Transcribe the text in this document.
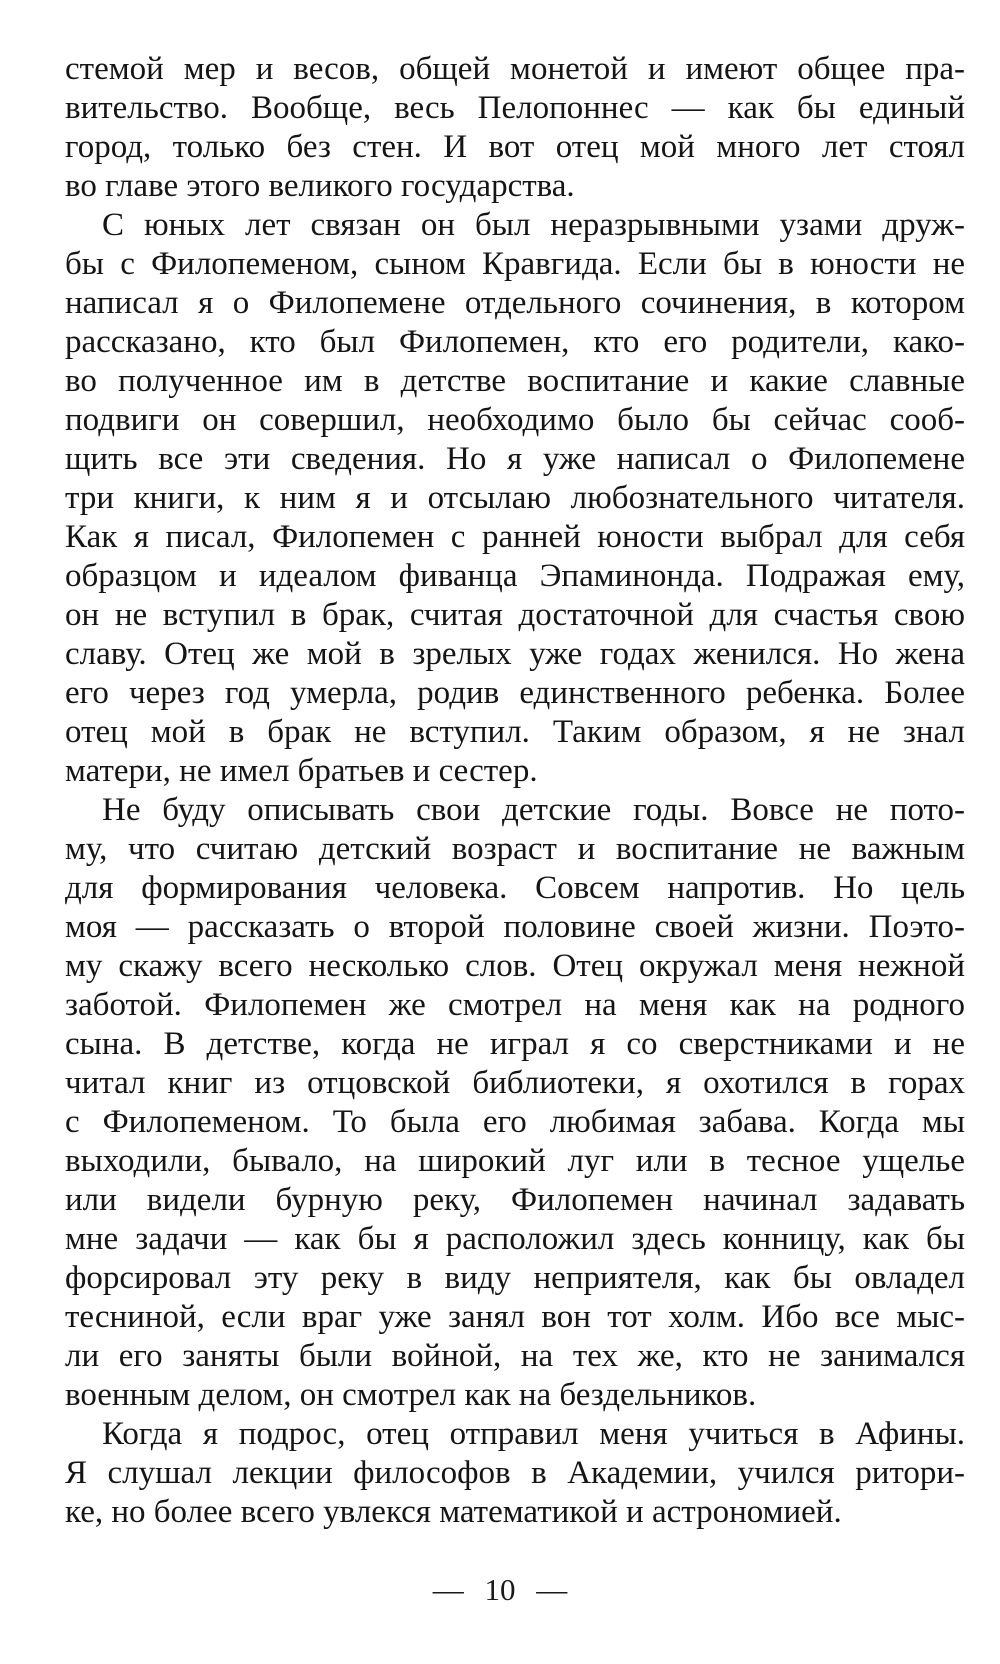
стемой мер и весов, общей монетой и имеют общее пра-
вительство. Вообще, весь Пелопоннес — как бы единый
город, только без стен. И вот отец мой много лет стоял
во главе этого великого государства.
С юных лет связан он был неразрывными узами друж-
бы с Филопеменом, сыном Кравгида. Если бы в юности не
написал я о Филопемене отдельного сочинения, в котором
рассказано, кто был Филопемен, кто его родители, како-
во полученное им в детстве воспитание и какие славные
подвиги он совершил, необходимо было бы сейчас сооб-
щить все эти сведения. Но я уже написал о Филопемене
три книги, к ним я и отсылаю любознательного читателя.
Как я писал, Филопемен с ранней юности выбрал для себя
образцом и идеалом фиванца Эпаминонда. Подражая ему,
он не вступил в брак, считая достаточной для счастья свою
славу. Отец же мой в зрелых уже годах женился. Но жена
его через год умерла, родив единственного ребенка. Более
отец мой в брак не вступил. Таким образом, я не знал
матери, не имел братьев и сестер.
Не буду описывать свои детские годы. Вовсе не пото-
му, что считаю детский возраст и воспитание не важным
для формирования человека. Совсем напротив. Но цель
моя — рассказать о второй половине своей жизни. Поэто-
му скажу всего несколько слов. Отец окружал меня нежной
заботой. Филопемен же смотрел на меня как на родного
сына. В детстве, когда не играл я со сверстниками и не
читал книг из отцовской библиотеки, я охотился в горах
с Филопеменом. То была его любимая забава. Когда мы
выходили, бывало, на широкий луг или в тесное ущелье
или видели бурную реку, Филопемен начинал задавать
мне задачи — как бы я расположил здесь конницу, как бы
форсировал эту реку в виду неприятеля, как бы овладел
тесниной, если враг уже занял вон тот холм. Ибо все мыс-
ли его заняты были войной, на тех же, кто не занимался
военным делом, он смотрел как на бездельников.
Когда я подрос, отец отправил меня учиться в Афины.
Я слушал лекции философов в Академии, учился ритори-
ке, но более всего увлекся математикой и астрономией.
— 10 —
